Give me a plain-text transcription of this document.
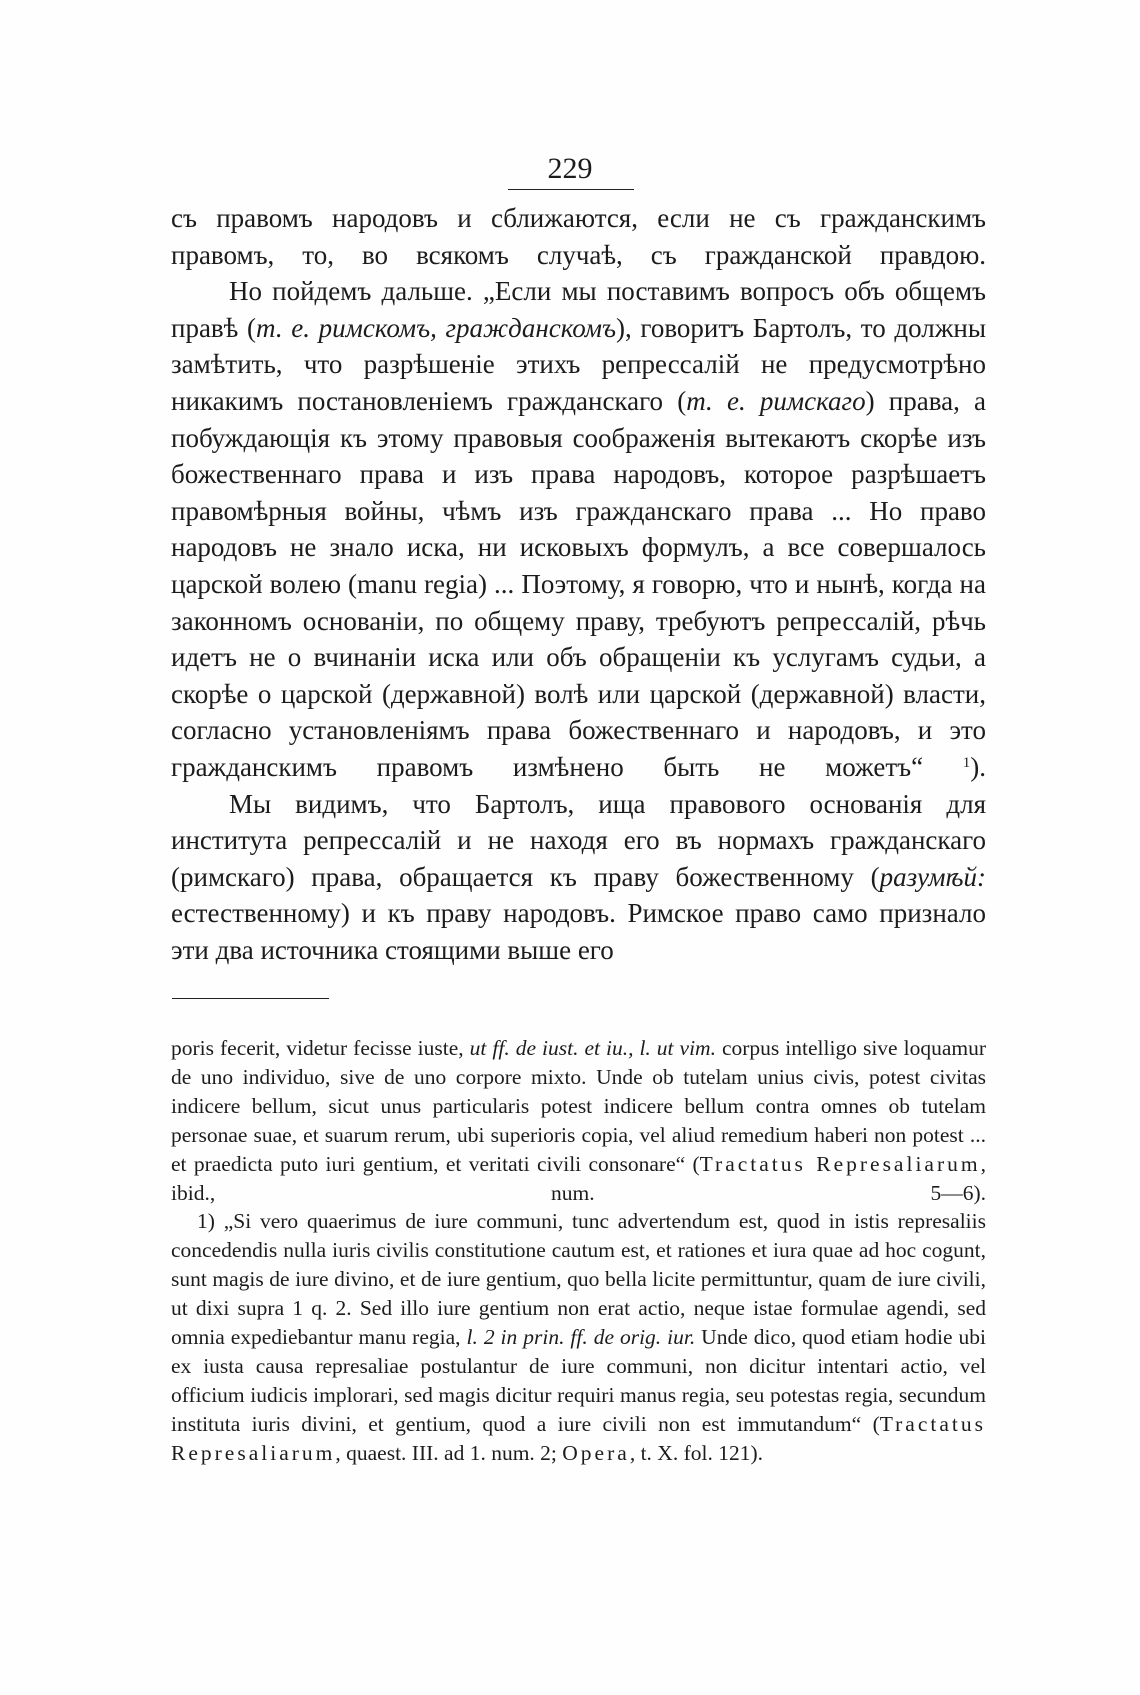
229

съ правомъ народовъ и сближаются, если не съ гражданскимъ правомъ, то, во всякомъ случаѣ, съ гражданской правдою.

Но пойдемъ дальше. „Если мы поставимъ вопросъ объ общемъ правѣ (т. е. римскомъ, гражданскомъ), говоритъ Бартолъ, то должны замѣтить, что разрѣшеніе этихъ репрессалій не предусмотрѣно никакимъ постановленіемъ гражданскаго (т. е. римскаго) права, а побуждающія къ этому правовыя соображенія вытекаютъ скорѣе изъ божественнаго права и изъ права народовъ, которое разрѣшаетъ правомѣрныя войны, чѣмъ изъ гражданскаго права ... Но право народовъ не знало иска, ни исковыхъ формулъ, а все совершалось царской волею (manu regia) ... Поэтому, я говорю, что и нынѣ, когда на законномъ основаніи, по общему праву, требуютъ репрессалій, рѣчь идетъ не о вчинаніи иска или объ обращеніи къ услугамъ судьи, а скорѣе о царской (державной) волѣ или царской (державной) власти, согласно установленіямъ права божественнаго и народовъ, и это гражданскимъ правомъ измѣнено быть не можетъ“ $^1$).

Мы видимъ, что Бартолъ, ища правового основанія для института репрессалій и не находя его въ нормахъ гражданскаго (римскаго) права, обращается къ праву божественному (разумѣй: естественному) и къ праву народовъ. Римское право само признало эти два источника стоящими выше его

poris fecerit, videtur fecisse iuste, ut ff. de iust. et iu., l. ut vim. corpus intelligo sive loquamur de uno individuo, sive de uno corpore mixto. Unde ob tutelam unius civis, potest civitas indicere bellum, sicut unus particularis potest indicere bellum contra omnes ob tutelam personae suae, et suarum rerum, ubi superioris copia, vel aliud remedium haberi non potest ... et praedicta puto iuri gentium, et veritati civili consonare“ (Tractatus Represaliarum, ibid., num. 5—6).

1) „Si vero quaerimus de iure communi, tunc advertendum est, quod in istis represaliis concedendis nulla iuris civilis constitutione cautum est, et rationes et iura quae ad hoc cogunt, sunt magis de iure divino, et de iure gentium, quo bella licite permittuntur, quam de iure civili, ut dixi supra 1 q. 2. Sed illo iure gentium non erat actio, neque istae formulae agendi, sed omnia expediebantur manu regia, l. 2 in prin. ff. de orig. iur. Unde dico, quod etiam hodie ubi ex iusta causa represaliae postulantur de iure communi, non dicitur intentari actio, vel officium iudicis implorari, sed magis dicitur requiri manus regia, seu potestas regia, secundum instituta iuris divini, et gentium, quod a iure civili non est immutandum“ (Tractatus Represaliarum, quaest. III. ad 1. num. 2; Opera, t. X. fol. 121).
